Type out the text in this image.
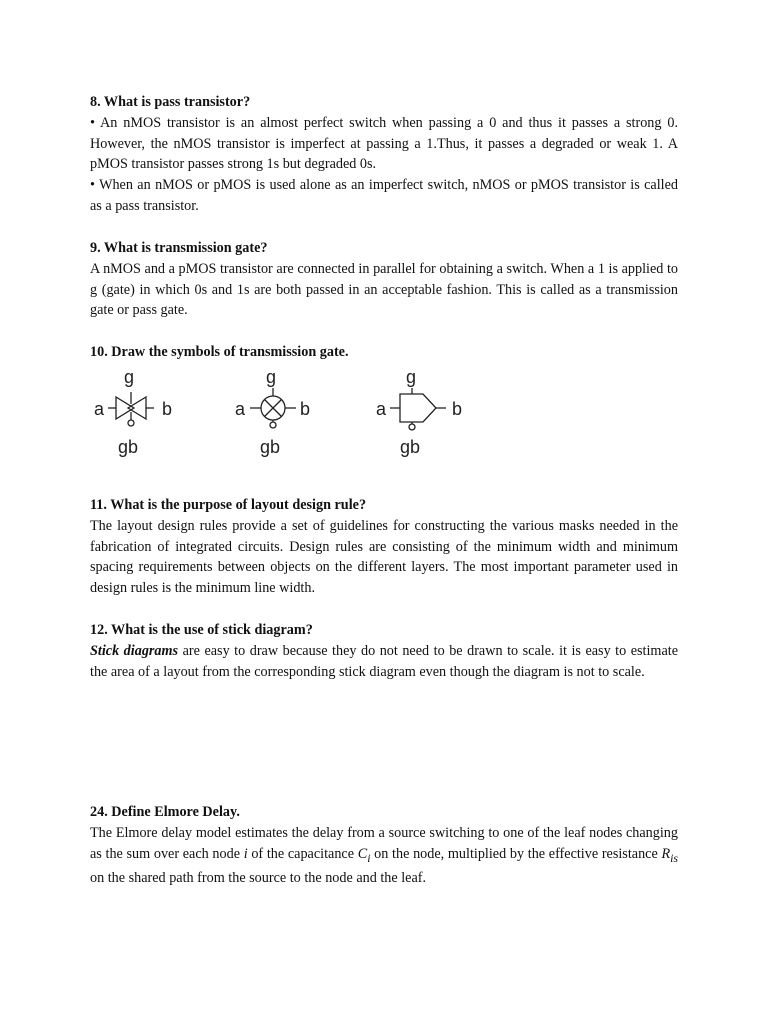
8. What is pass transistor?

• An nMOS transistor is an almost perfect switch when passing a 0 and thus it passes a strong 0. However, the nMOS transistor is imperfect at passing a 1.Thus, it passes a degraded or weak 1. A pMOS transistor passes strong 1s but degraded 0s.

• When an nMOS or pMOS is used alone as an imperfect switch, nMOS or pMOS transistor is called as a pass transistor.

9. What is transmission gate?

A nMOS and a pMOS transistor are connected in parallel for obtaining a switch. When a 1 is applied to g (gate) in which 0s and 1s are both passed in an acceptable fashion. This is called as a transmission gate or pass gate.

10. Draw the symbols of transmission gate.

g
a	b
gb
g
a	b
gb
g
a	b
gb

11. What is the purpose of layout design rule?

The layout design rules provide a set of guidelines for constructing the various masks needed in the fabrication of integrated circuits. Design rules are consisting of the minimum width and minimum spacing requirements between objects on the different layers. The most important parameter used in design rules is the minimum line width.

12. What is the use of stick diagram?

Stick diagrams are easy to draw because they do not need to be drawn to scale. it is easy to estimate the area of a layout from the corresponding stick diagram even though the diagram is not to scale.

24. Define Elmore Delay.

The Elmore delay model estimates the delay from a source switching to one of the leaf nodes changing as the sum over each node i of the capacitance $C_i$ on the node, multiplied by the effective resistance $R_{is}$ on the shared path from the source to the node and the leaf.
